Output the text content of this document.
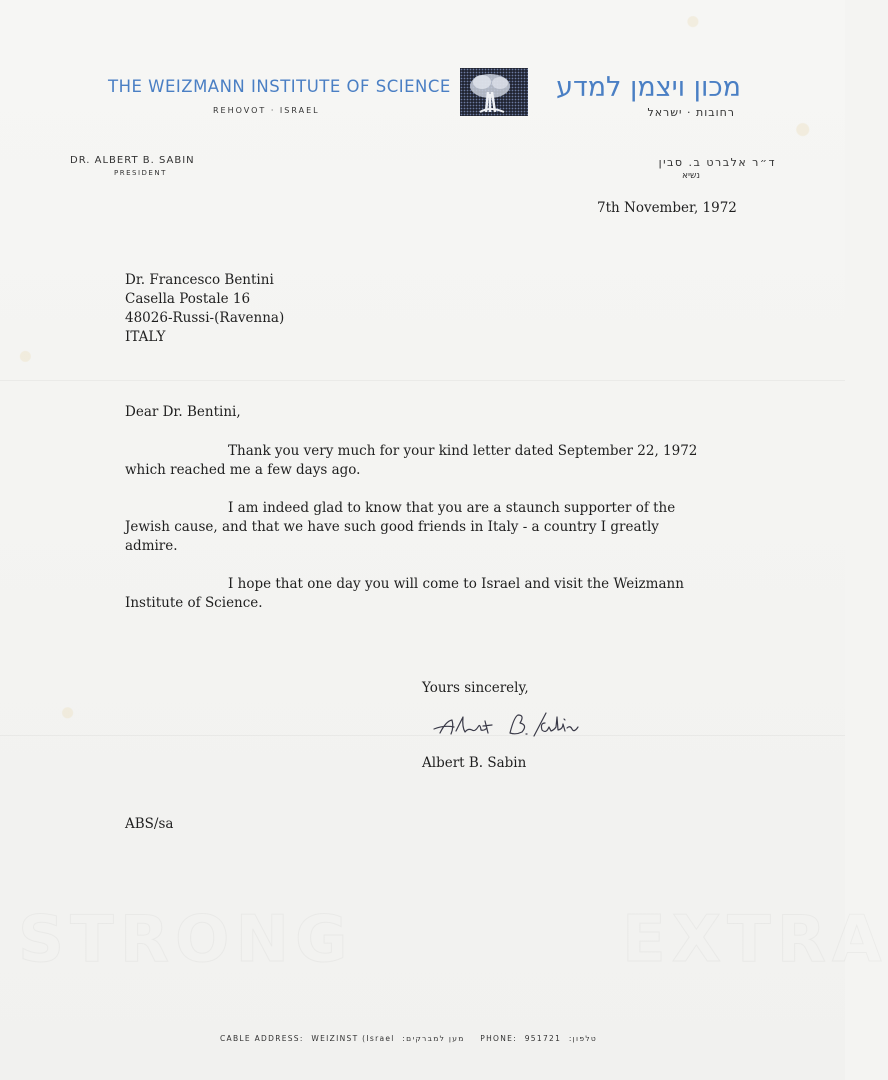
THE WEIZMANN INSTITUTE OF SCIENCE
REHOVOT · ISRAEL
מכון ויצמן למדע
רחובות · ישראל
DR. ALBERT B. SABIN
PRESIDENT
ד״ר אלברט ב. סבין
נשיא
7th November, 1972
Dr. Francesco Bentini
Casella Postale 16
48026-Russi-(Ravenna)
ITALY
Dear Dr. Bentini,
Thank you very much for your kind letter dated September 22, 1972
which reached me a few days ago.
I am indeed glad to know that you are a staunch supporter of the
Jewish cause, and that we have such good friends in Italy - a country I greatly
admire.
I hope that one day you will come to Israel and visit the Weizmann
Institute of Science.
Yours sincerely,
Albert B. Sabin
ABS/sa
STRONG	EXTRA
CABLE ADDRESS: WEIZINST (Israel מען למברקים: PHONE: 951721 טלפון:
